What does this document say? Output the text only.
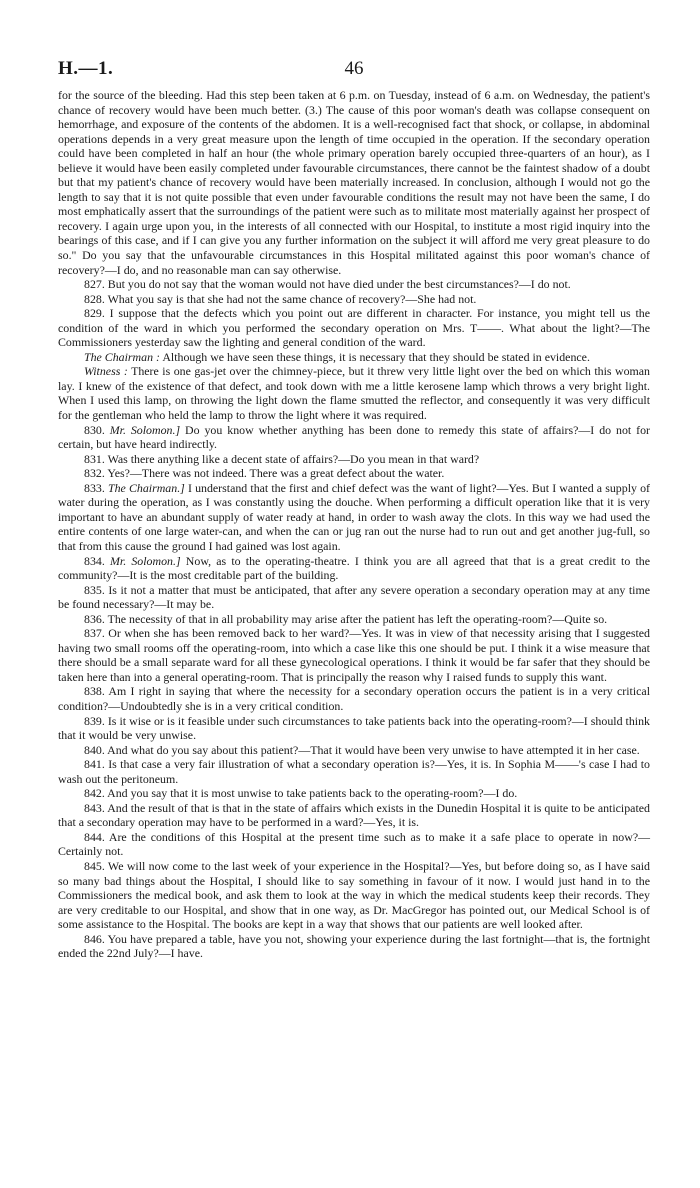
H.—1.	46

for the source of the bleeding. Had this step been taken at 6 p.m. on Tuesday, instead of 6 a.m. on Wednesday, the patient's chance of recovery would have been much better. (3.) The cause of this poor woman's death was collapse consequent on hemorrhage, and exposure of the contents of the abdomen. It is a well-recognised fact that shock, or collapse, in abdominal operations depends in a very great measure upon the length of time occupied in the operation. If the secondary operation could have been completed in half an hour (the whole primary operation barely occupied three-quarters of an hour), as I believe it would have been easily completed under favourable circumstances, there cannot be the faintest shadow of a doubt but that my patient's chance of recovery would have been materially increased. In conclusion, although I would not go the length to say that it is not quite possible that even under favourable conditions the result may not have been the same, I do most emphatically assert that the surroundings of the patient were such as to militate most materially against her prospect of recovery. I again urge upon you, in the interests of all connected with our Hospital, to institute a most rigid inquiry into the bearings of this case, and if I can give you any further information on the subject it will afford me very great pleasure to do so." Do you say that the unfavourable circumstances in this Hospital militated against this poor woman's chance of recovery?—I do, and no reasonable man can say otherwise.

827. But you do not say that the woman would not have died under the best circumstances?—I do not.

828. What you say is that she had not the same chance of recovery?—She had not.

829. I suppose that the defects which you point out are different in character. For instance, you might tell us the condition of the ward in which you performed the secondary operation on Mrs. T——. What about the light?—The Commissioners yesterday saw the lighting and general condition of the ward.

The Chairman : Although we have seen these things, it is necessary that they should be stated in evidence.

Witness : There is one gas-jet over the chimney-piece, but it threw very little light over the bed on which this woman lay. I knew of the existence of that defect, and took down with me a little kerosene lamp which throws a very bright light. When I used this lamp, on throwing the light down the flame smutted the reflector, and consequently it was very difficult for the gentleman who held the lamp to throw the light where it was required.

830. Mr. Solomon.] Do you know whether anything has been done to remedy this state of affairs?—I do not for certain, but have heard indirectly.

831. Was there anything like a decent state of affairs?—Do you mean in that ward?

832. Yes?—There was not indeed. There was a great defect about the water.

833. The Chairman.] I understand that the first and chief defect was the want of light?—Yes. But I wanted a supply of water during the operation, as I was constantly using the douche. When performing a difficult operation like that it is very important to have an abundant supply of water ready at hand, in order to wash away the clots. In this way we had used the entire contents of one large water-can, and when the can or jug ran out the nurse had to run out and get another jug-full, so that from this cause the ground I had gained was lost again.

834. Mr. Solomon.] Now, as to the operating-theatre. I think you are all agreed that that is a great credit to the community?—It is the most creditable part of the building.

835. Is it not a matter that must be anticipated, that after any severe operation a secondary operation may at any time be found necessary?—It may be.

836. The necessity of that in all probability may arise after the patient has left the operating-room?—Quite so.

837. Or when she has been removed back to her ward?—Yes. It was in view of that necessity arising that I suggested having two small rooms off the operating-room, into which a case like this one should be put. I think it a wise measure that there should be a small separate ward for all these gynecological operations. I think it would be far safer that they should be taken here than into a general operating-room. That is principally the reason why I raised funds to supply this want.

838. Am I right in saying that where the necessity for a secondary operation occurs the patient is in a very critical condition?—Undoubtedly she is in a very critical condition.

839. Is it wise or is it feasible under such circumstances to take patients back into the operating-room?—I should think that it would be very unwise.

840. And what do you say about this patient?—That it would have been very unwise to have attempted it in her case.

841. Is that case a very fair illustration of what a secondary operation is?—Yes, it is. In Sophia M——'s case I had to wash out the peritoneum.

842. And you say that it is most unwise to take patients back to the operating-room?—I do.

843. And the result of that is that in the state of affairs which exists in the Dunedin Hospital it is quite to be anticipated that a secondary operation may have to be performed in a ward?—Yes, it is.

844. Are the conditions of this Hospital at the present time such as to make it a safe place to operate in now?—Certainly not.

845. We will now come to the last week of your experience in the Hospital?—Yes, but before doing so, as I have said so many bad things about the Hospital, I should like to say something in favour of it now. I would just hand in to the Commissioners the medical book, and ask them to look at the way in which the medical students keep their records. They are very creditable to our Hospital, and show that in one way, as Dr. MacGregor has pointed out, our Medical School is of some assistance to the Hospital. The books are kept in a way that shows that our patients are well looked after.

846. You have prepared a table, have you not, showing your experience during the last fortnight—that is, the fortnight ended the 22nd July?—I have.
